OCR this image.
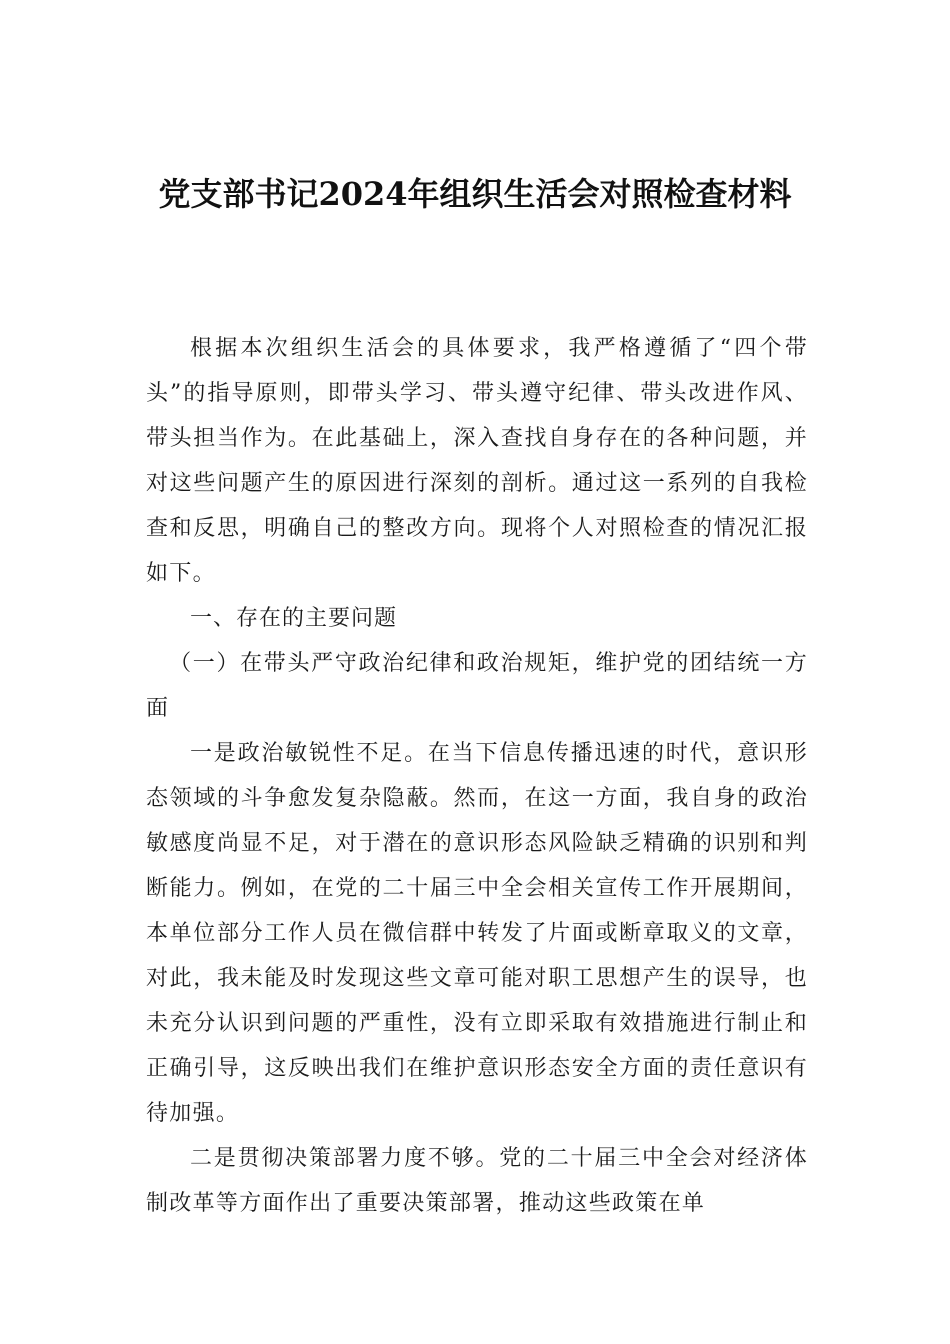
党支部书记2024年组织生活会对照检查材料

根据本次组织生活会的具体要求，我严格遵循了“四个带头”的指导原则，即带头学习、带头遵守纪律、带头改进作风、带头担当作为。在此基础上，深入查找自身存在的各种问题，并对这些问题产生的原因进行深刻的剖析。通过这一系列的自我检查和反思，明确自己的整改方向。现将个人对照检查的情况汇报如下。

一、存在的主要问题

（一）在带头严守政治纪律和政治规矩，维护党的团结统一方面

一是政治敏锐性不足。在当下信息传播迅速的时代，意识形态领域的斗争愈发复杂隐蔽。然而，在这一方面，我自身的政治敏感度尚显不足，对于潜在的意识形态风险缺乏精确的识别和判断能力。例如，在党的二十届三中全会相关宣传工作开展期间，本单位部分工作人员在微信群中转发了片面或断章取义的文章，对此，我未能及时发现这些文章可能对职工思想产生的误导，也未充分认识到问题的严重性，没有立即采取有效措施进行制止和正确引导，这反映出我们在维护意识形态安全方面的责任意识有待加强。

二是贯彻决策部署力度不够。党的二十届三中全会对经济体制改革等方面作出了重要决策部署，推动这些政策在单
